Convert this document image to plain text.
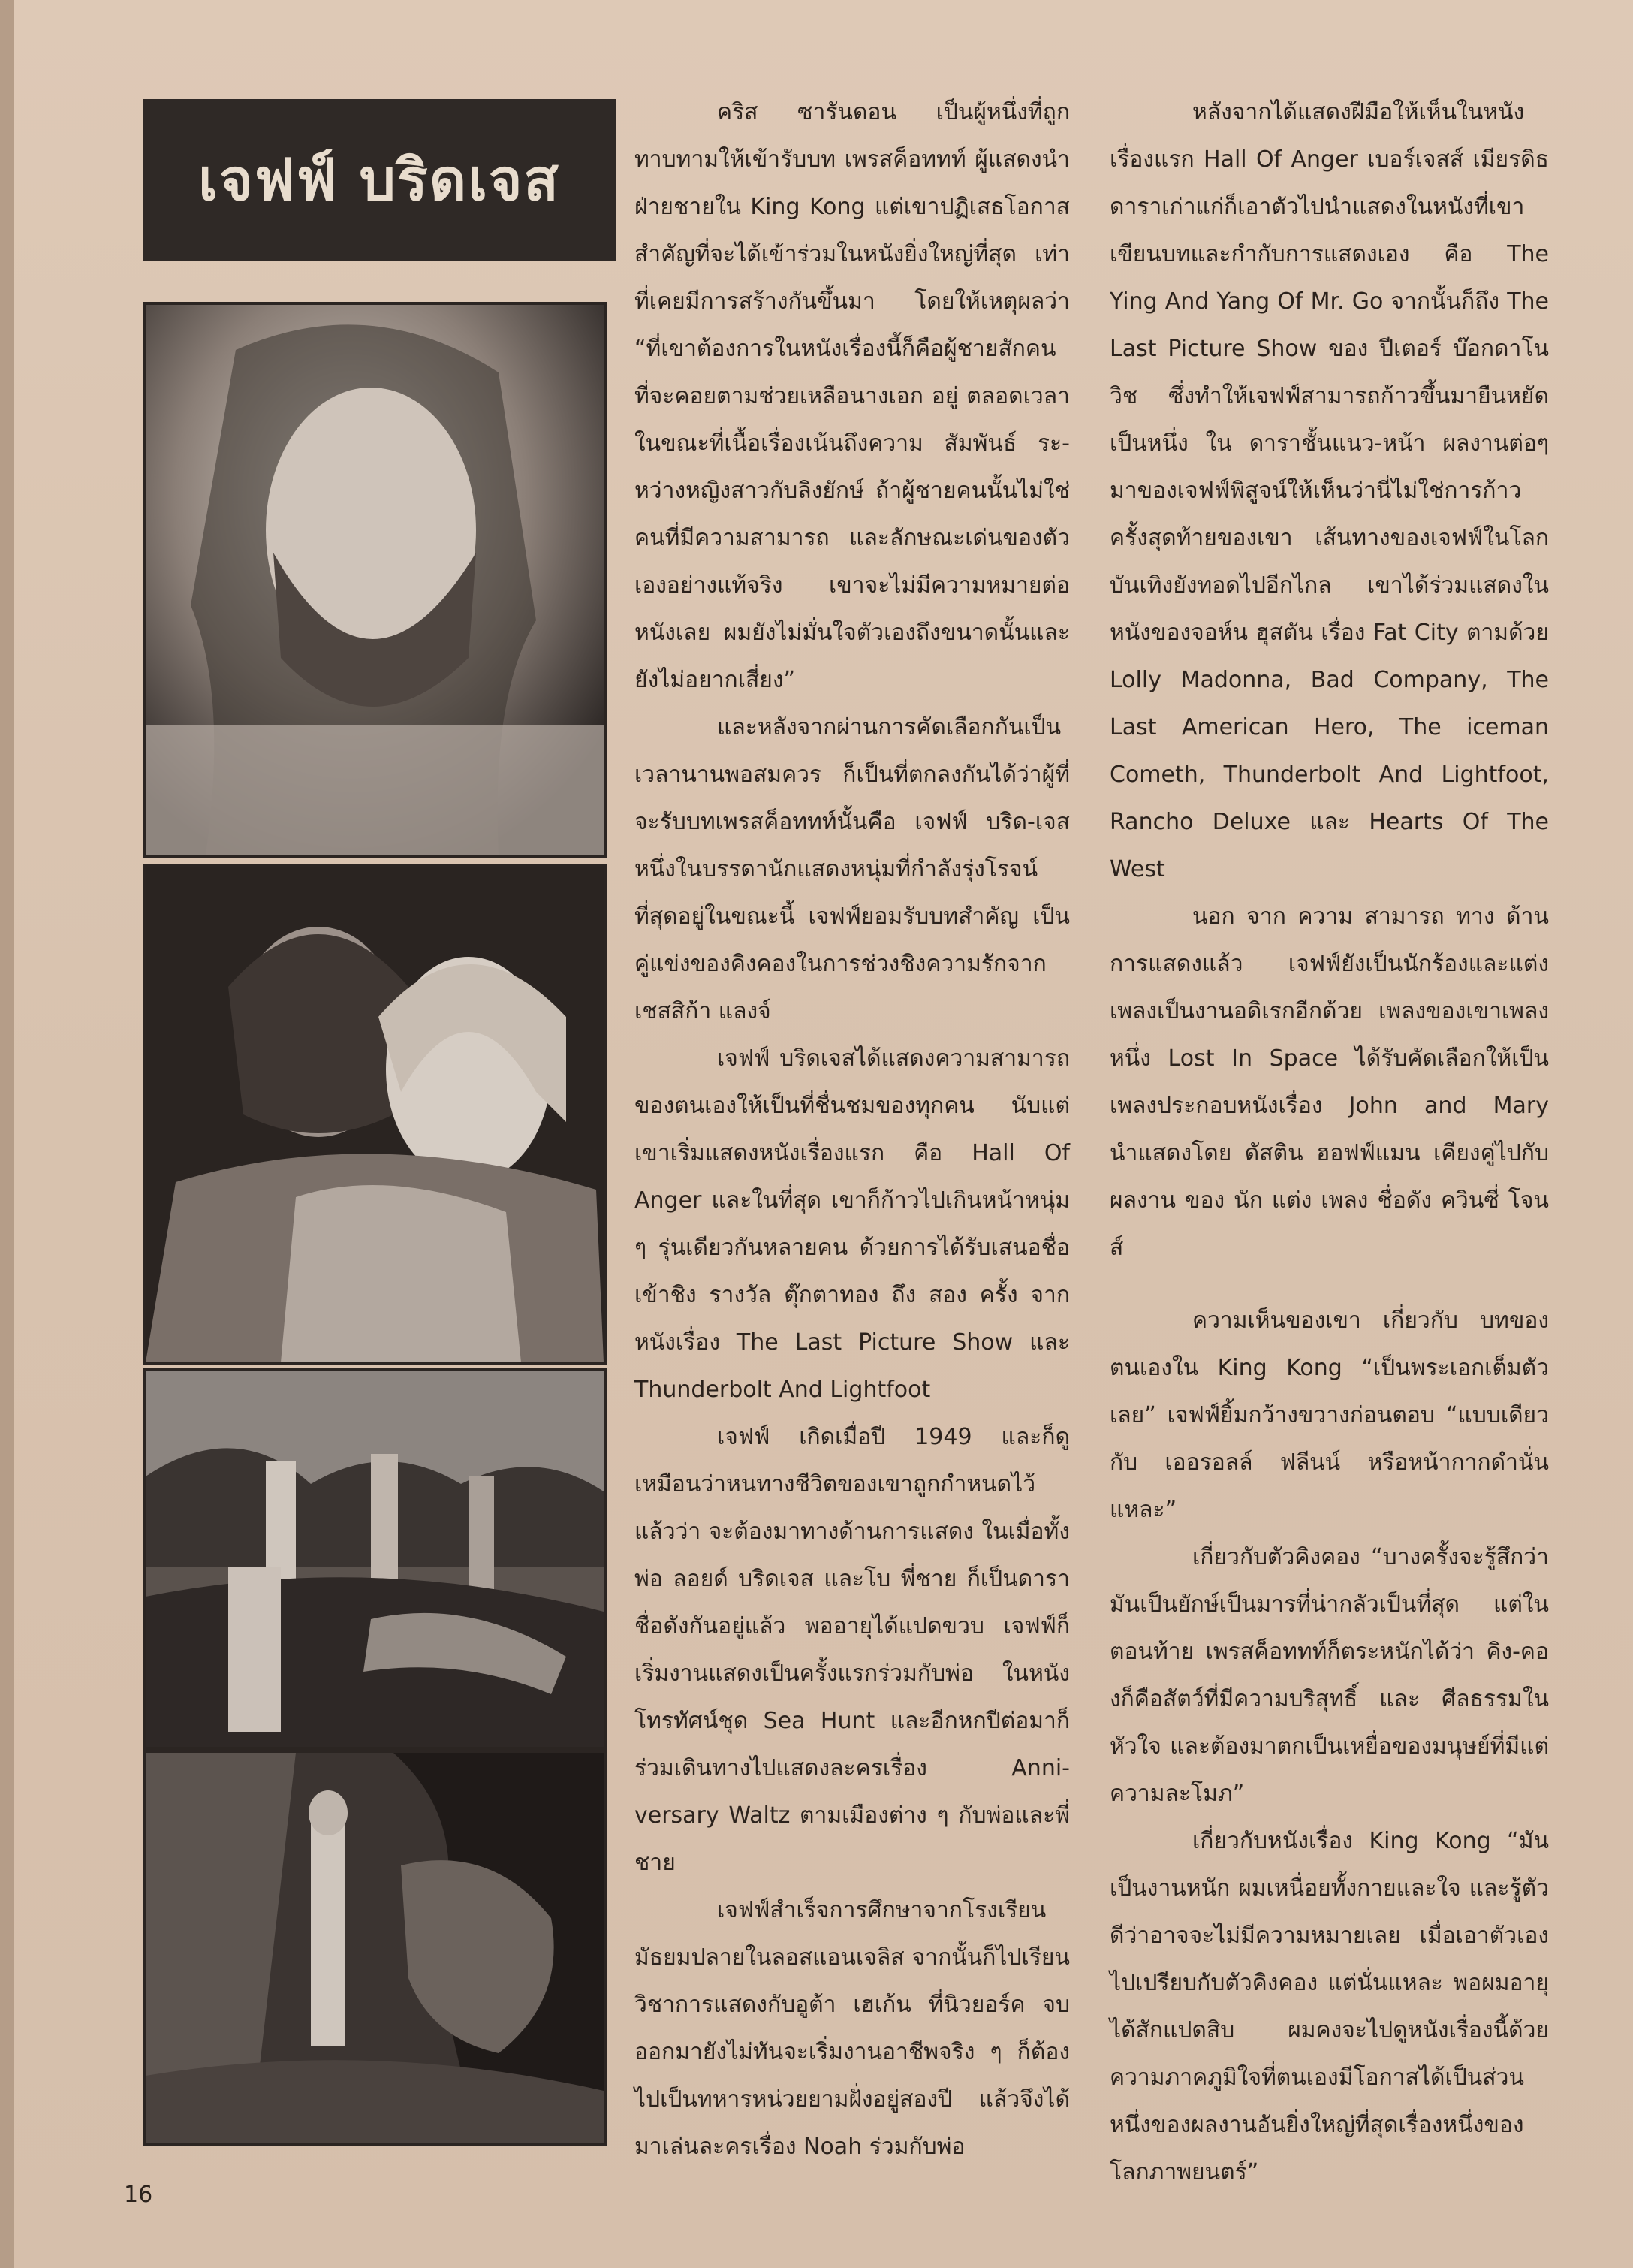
เจฟฟ์ บริดเจส

คริส ซารันดอน เป็นผู้หนึ่งที่ถูกทาบทามให้เข้ารับบท เพรสค็อททท์ ผู้แสดงนำฝ่ายชายใน King Kong แต่เขาปฏิเสธโอกาสสำคัญที่จะได้เข้าร่วมในหนังยิ่งใหญ่ที่สุด เท่าที่เคยมีการสร้างกันขึ้นมา โดยให้เหตุผลว่า “ที่เขาต้องการในหนังเรื่องนี้ก็คือผู้ชายสักคนที่จะคอยตามช่วยเหลือนางเอก อยู่ ตลอดเวลา ในขณะที่เนื้อเรื่องเน้นถึงความ สัมพันธ์ ระ-หว่างหญิงสาวกับลิงยักษ์ ถ้าผู้ชายคนนั้นไม่ใช่คนที่มีความสามารถ และลักษณะเด่นของตัวเองอย่างแท้จริง เขาจะไม่มีความหมายต่อหนังเลย ผมยังไม่มั่นใจตัวเองถึงขนาดนั้นและยังไม่อยากเสี่ยง”

และหลังจากผ่านการคัดเลือกกันเป็นเวลานานพอสมควร ก็เป็นที่ตกลงกันได้ว่าผู้ที่จะรับบทเพรสค็อททท์นั้นคือ เจฟฟ์ บริด-เจส หนึ่งในบรรดานักแสดงหนุ่มที่กำลังรุ่งโรจน์ที่สุดอยู่ในขณะนี้ เจฟฟ์ยอมรับบทสำคัญ เป็นคู่แข่งของคิงคองในการช่วงชิงความรักจาก เชสสิก้า แลงจ์

เจฟฟ์ บริดเจสได้แสดงความสามารถของตนเองให้เป็นที่ชื่นชมของทุกคน นับแต่เขาเริ่มแสดงหนังเรื่องแรก คือ Hall Of Anger และในที่สุด เขาก็ก้าวไปเกินหน้าหนุ่ม ๆ รุ่นเดียวกันหลายคน ด้วยการได้รับเสนอชื่อเข้าชิง รางวัล ตุ๊กตาทอง ถึง สอง ครั้ง จากหนังเรื่อง The Last Picture Show และ Thunderbolt And Lightfoot

เจฟฟ์ เกิดเมื่อปี 1949 และก็ดูเหมือนว่าหนทางชีวิตของเขาถูกกำหนดไว้แล้วว่า จะต้องมาทางด้านการแสดง ในเมื่อทั้งพ่อ ลอยด์ บริดเจส และโบ พี่ชาย ก็เป็นดาราชื่อดังกันอยู่แล้ว พออายุได้แปดขวบ เจฟฟ์ก็เริ่มงานแสดงเป็นครั้งแรกร่วมกับพ่อ ในหนังโทรทัศน์ชุด Sea Hunt และอีกหกปีต่อมาก็ร่วมเดินทางไปแสดงละครเรื่อง Anni-versary Waltz ตามเมืองต่าง ๆ กับพ่อและพี่ชาย

เจฟฟ์สำเร็จการศึกษาจากโรงเรียนมัธยมปลายในลอสแอนเจลิส จากนั้นก็ไปเรียนวิชาการแสดงกับอูต้า เฮเก้น ที่นิวยอร์ค จบออกมายังไม่ทันจะเริ่มงานอาชีพจริง ๆ ก็ต้องไปเป็นทหารหน่วยยามฝั่งอยู่สองปี แล้วจึงได้มาเล่นละครเรื่อง Noah ร่วมกับพ่อ

หลังจากได้แสดงฝีมือให้เห็นในหนังเรื่องแรก Hall Of Anger เบอร์เจสส์ เมียรดิธ ดาราเก่าแก่ก็เอาตัวไปนำแสดงในหนังที่เขาเขียนบทและกำกับการแสดงเอง คือ The Ying And Yang Of Mr. Go จากนั้นก็ถึง The Last Picture Show ของ ปีเตอร์ บ๊อกดาโนวิช ซึ่งทำให้เจฟฟ์สามารถก้าวขึ้นมายืนหยัดเป็นหนึ่ง ใน ดาราชั้นแนว-หน้า ผลงานต่อๆ มาของเจฟฟ์พิสูจน์ให้เห็นว่านี่ไม่ใช่การก้าวครั้งสุดท้ายของเขา เส้นทางของเจฟฟ์ในโลกบันเทิงยังทอดไปอีกไกล เขาได้ร่วมแสดงในหนังของจอห์น ฮุสตัน เรื่อง Fat City ตามด้วย Lolly Madonna, Bad Company, The Last American Hero, The iceman Cometh, Thunderbolt And Lightfoot, Rancho Deluxe และ Hearts Of The West

นอก จาก ความ สามารถ ทาง ด้าน การแสดงแล้ว เจฟฟ์ยังเป็นนักร้องและแต่งเพลงเป็นงานอดิเรกอีกด้วย เพลงของเขาเพลงหนึ่ง Lost In Space ได้รับคัดเลือกให้เป็นเพลงประกอบหนังเรื่อง John and Mary นำแสดงโดย ดัสติน ฮอฟฟ์แมน เคียงคู่ไปกับผลงาน ของ นัก แต่ง เพลง ชื่อดัง ควินซี่ โจนส์

ความเห็นของเขา เกี่ยวกับ บทของตนเองใน King Kong “เป็นพระเอกเต็มตัวเลย” เจฟฟ์ยิ้มกว้างขวางก่อนตอบ “แบบเดียวกับ เออรอลล์ ฟลีนน์ หรือหน้ากากดำนั่นแหละ”

เกี่ยวกับตัวคิงคอง “บางครั้งจะรู้สึกว่ามันเป็นยักษ์เป็นมารที่น่ากลัวเป็นที่สุด แต่ในตอนท้าย เพรสค็อททท์ก็ตระหนักได้ว่า คิง-คองก็คือสัตว์ที่มีความบริสุทธิ์ และ ศีลธรรมในหัวใจ และต้องมาตกเป็นเหยื่อของมนุษย์ที่มีแต่ความละโมภ”

เกี่ยวกับหนังเรื่อง King Kong “มันเป็นงานหนัก ผมเหนื่อยทั้งกายและใจ และรู้ตัวดีว่าอาจจะไม่มีความหมายเลย เมื่อเอาตัวเองไปเปรียบกับตัวคิงคอง แต่นั่นแหละ พอผมอายุได้สักแปดสิบ ผมคงจะไปดูหนังเรื่องนี้ด้วยความภาคภูมิใจที่ตนเองมีโอกาสได้เป็นส่วนหนึ่งของผลงานอันยิ่งใหญ่ที่สุดเรื่องหนึ่งของโลกภาพยนตร์”

16
